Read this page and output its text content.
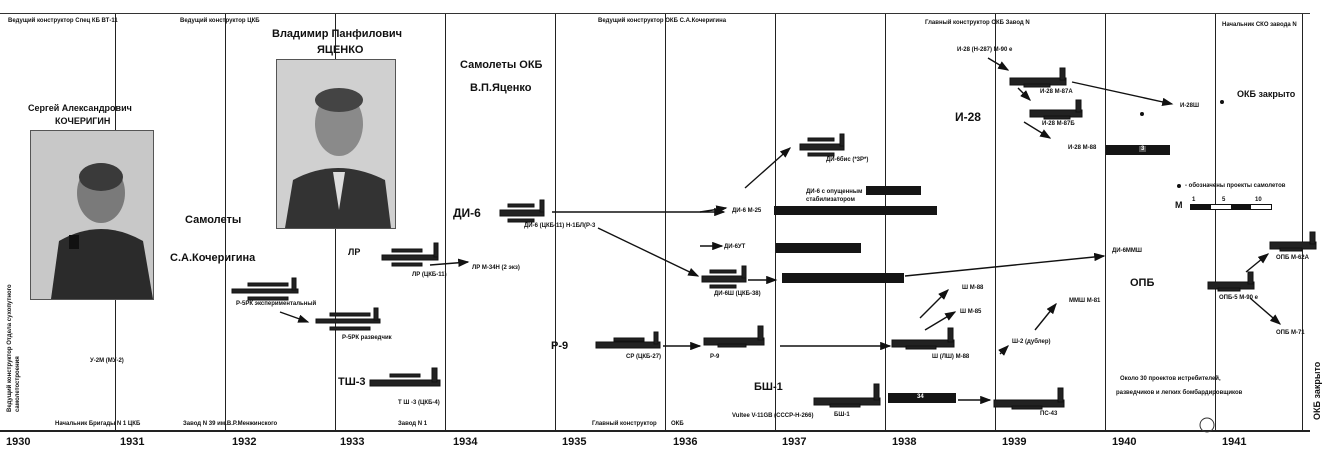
1930	1931	1932	1933	1934	1935	1936	1937	1938	1939	1940	1941
Ведущий конструктор Спец КБ ВТ-11	Ведущий конструктор ЦКБ	Ведущий конструктор ОКБ С.А.Кочеригина	Главный конструктор ОКБ Завод N	Начальник СКО завода N
Начальник Бригады N 1 ЦКБ	Завод N 39 им.В.Р.Менжинского	Завод N 1	Главный конструктор ОКБ
Ведущий конструктор Отдела сухопутного самолетостроения
Сергей Александрович
КОЧЕРИГИН
Владимир Панфилович
ЯЦЕНКО
Самолеты
С.А.Кочеригина
Самолеты ОКБ
В.П.Яценко
И-28
ОКБ закрыто
ОКБ закрыто
ОПБ
У-2М (МУ-2)
Р-5РК экспериментальный
Р-5РК разведчик
ЛР
ЛР (ЦКБ-11)
ЛР М-34Н (2 экз)
ТШ-3
Т Ш -3 (ЦКБ-4)
ДИ-6
ДИ-6 (ЦКБ-11) Н-1БЛ(Р-3
ДИ-6 М-25
ДИ-6бис (*3Р*)
ДИ-6 с опущенным стабилизатором
ДИ-6УТ
ДИ-6Ш (ЦКБ-38)
Р-9
СР (ЦКБ-27)	Р-9
БШ-1
Vultee V-11GB (СССР-Н-266)	БШ-1
И-28 (Н-287) М-90 е
И-28 М-87А
И-28 М-87Б
И-28 М-88
И-28Ш
Ш М-88
Ш М-85
Ш (ЛШ) М-88
Ш-2 (дублер)
ММШ М-81
ПС-43
ДИ-6ММШ
ОПБ М-62А
ОПБ-5 М-90 е
ОПБ М-71
- обозначены проекты самолетов
М 1	5	10
Около 30 проектов истребителей,
разведчиков и легких бомбардировщиков
34
3
